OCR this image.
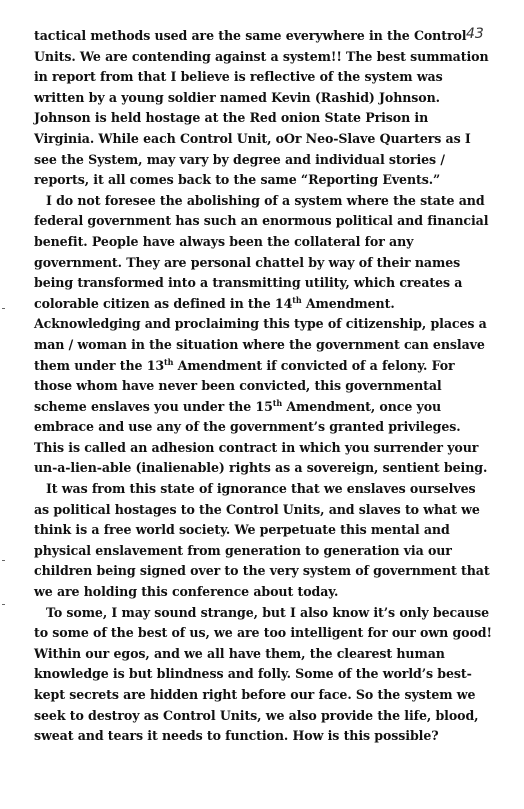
43

tactical methods used are the same everywhere in the Control Units. We are contending against a system!! The best summation in report from that I believe is reflective of the system was written by a young soldier named Kevin (Rashid) Johnson. Johnson is held hostage at the Red onion State Prison in Virginia. While each Control Unit, oOr Neo-Slave Quarters as I see the System, may vary by degree and individual stories / reports, it all comes back to the same “Reporting Events.”

I do not foresee the abolishing of a system where the state and federal government has such an enormous political and financial benefit. People have always been the collateral for any government. They are personal chattel by way of their names being transformed into a transmitting utility, which creates a colorable citizen as defined in the 14th Amendment. Acknowledging and proclaiming this type of citizenship, places a man / woman in the situation where the government can enslave them under the 13th Amendment if convicted of a felony. For those whom have never been convicted, this governmental scheme enslaves you under the 15th Amendment, once you embrace and use any of the government’s granted privileges. This is called an adhesion contract in which you surrender your un-a-lien-able (inalienable) rights as a sovereign, sentient being.

It was from this state of ignorance that we enslaves ourselves as political hostages to the Control Units, and slaves to what we think is a free world society. We perpetuate this mental and physical enslavement from generation to generation via our children being signed over to the very system of government that we are holding this conference about today.

To some, I may sound strange, but I also know it’s only because to some of the best of us, we are too intelligent for our own good! Within our egos, and we all have them, the clearest human knowledge is but blindness and folly. Some of the world’s best-kept secrets are hidden right before our face. So the system we seek to destroy as Control Units, we also provide the life, blood, sweat and tears it needs to function. How is this possible?
